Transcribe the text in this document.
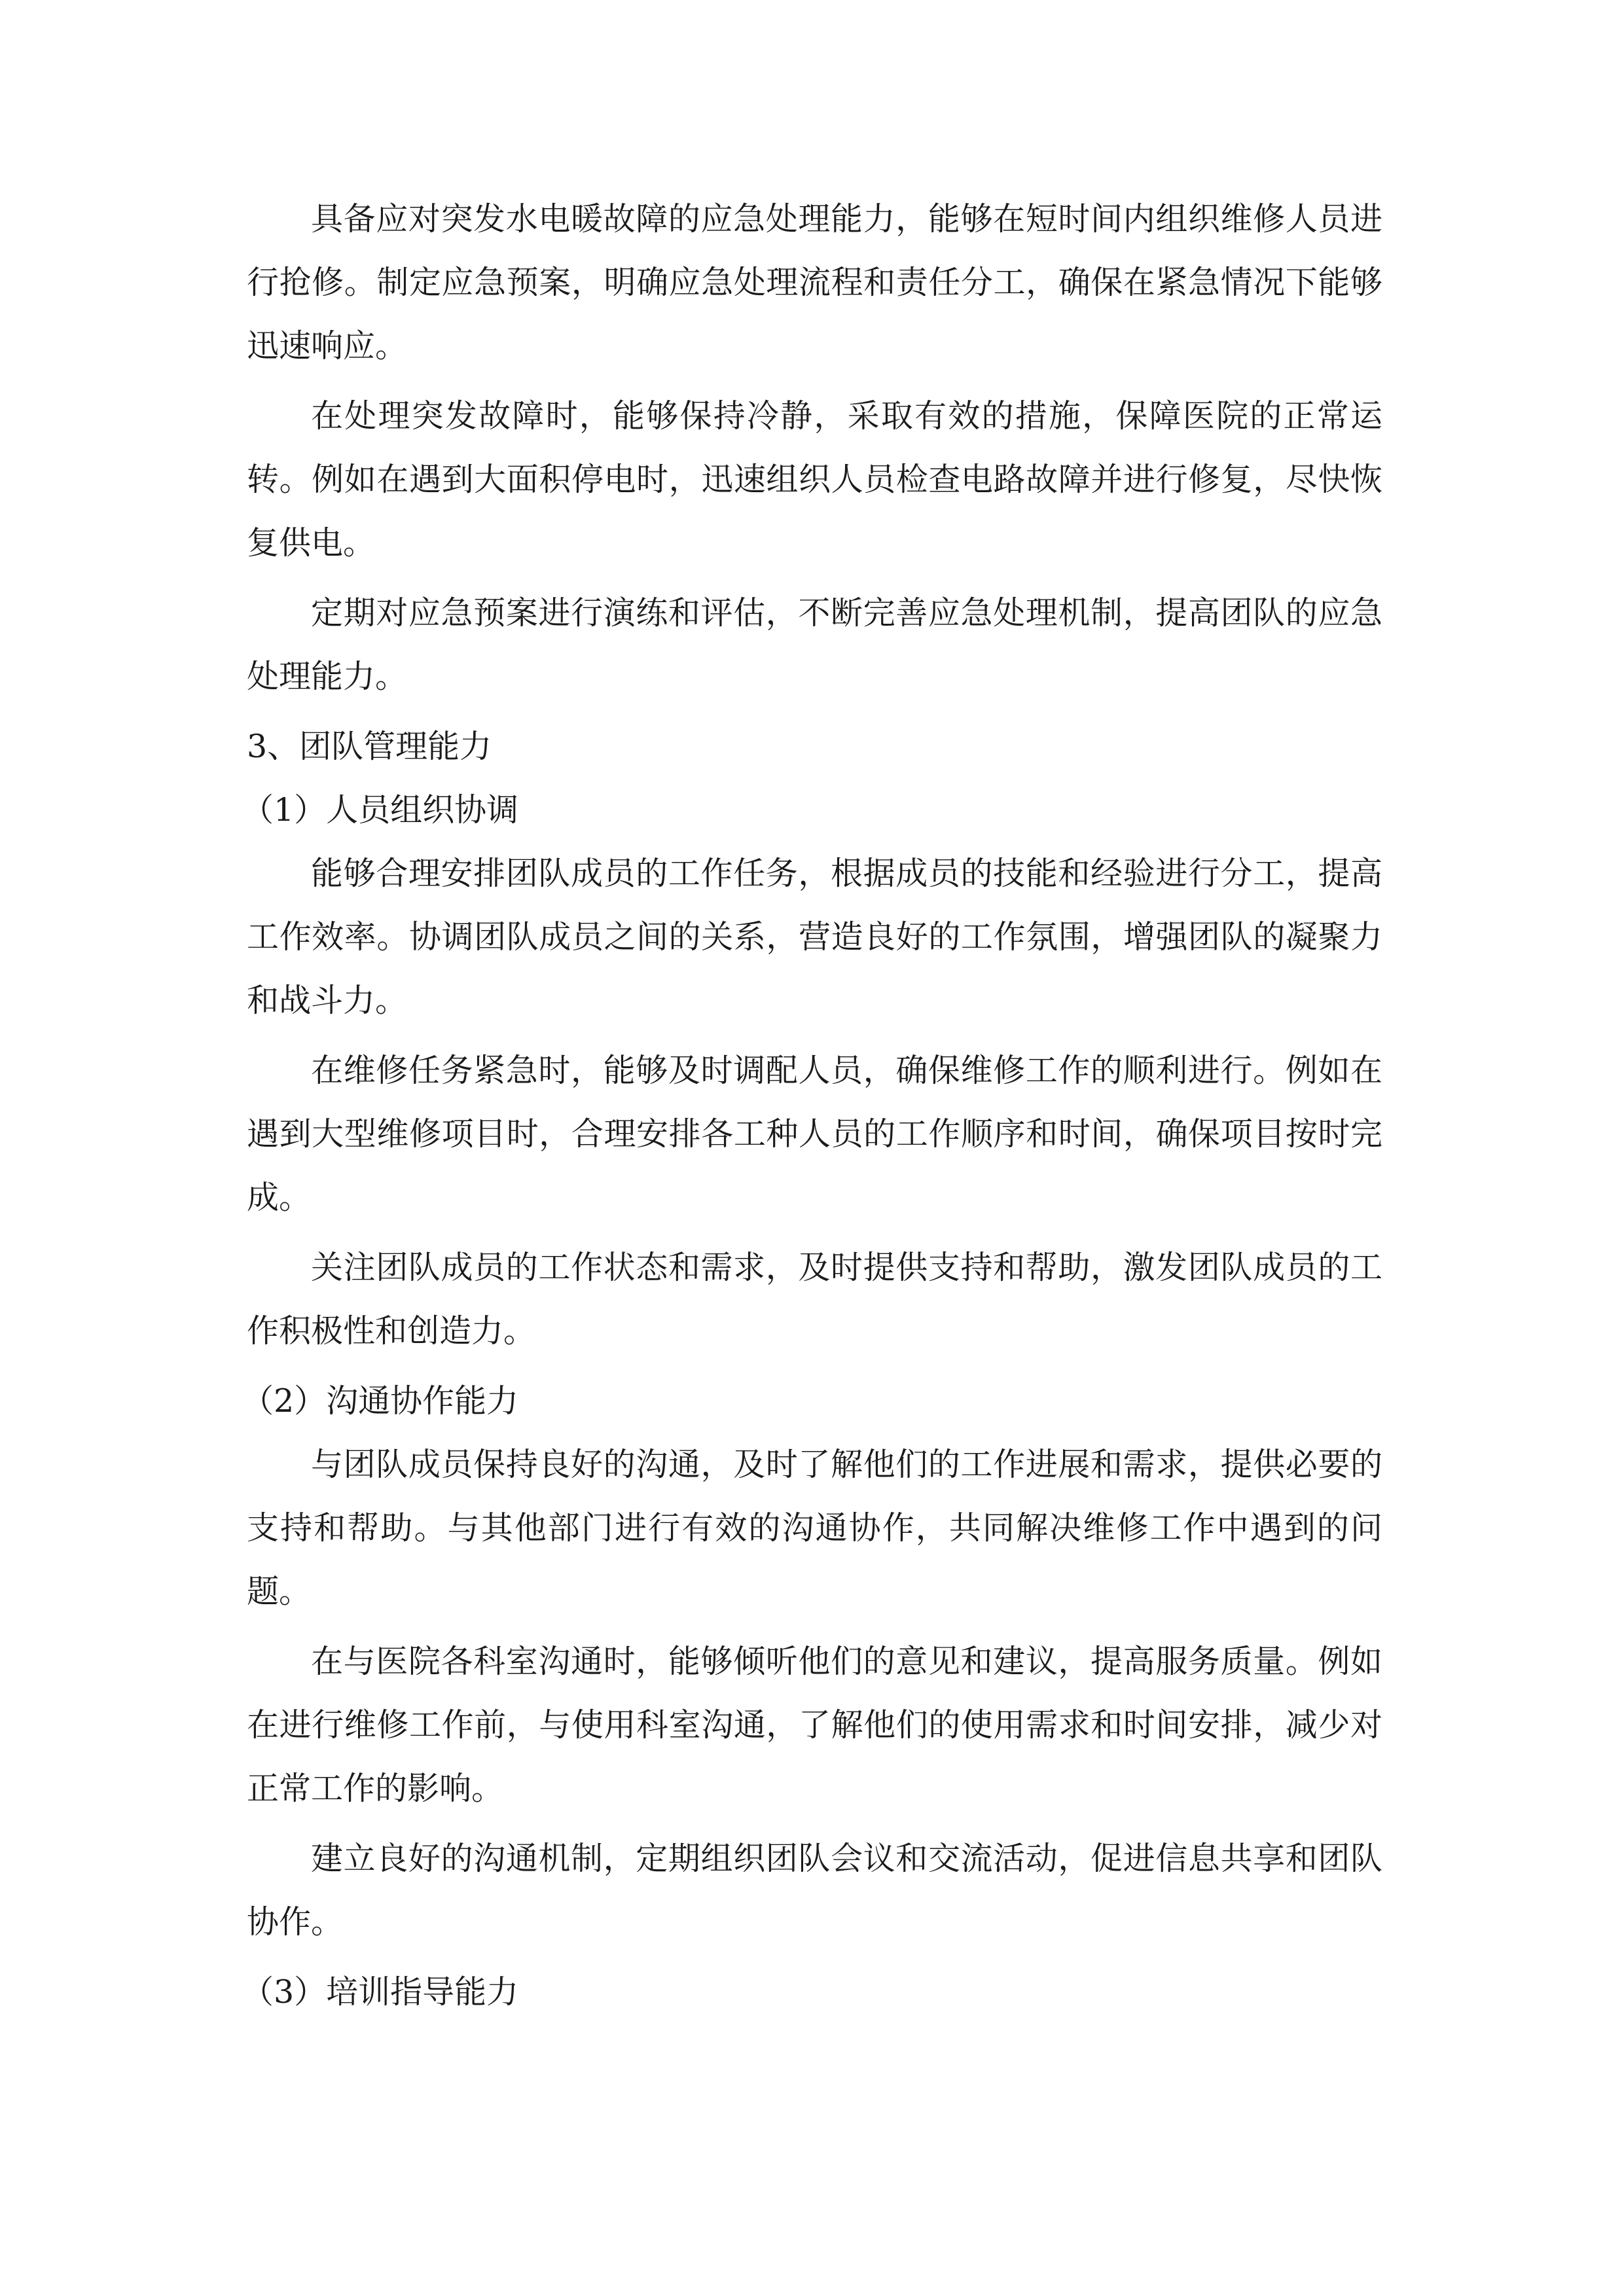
具备应对突发水电暖故障的应急处理能力，能够在短时间内组织维修人员进行抢修。制定应急预案，明确应急处理流程和责任分工，确保在紧急情况下能够迅速响应。

在处理突发故障时，能够保持冷静，采取有效的措施，保障医院的正常运转。例如在遇到大面积停电时，迅速组织人员检查电路故障并进行修复，尽快恢复供电。

定期对应急预案进行演练和评估，不断完善应急处理机制，提高团队的应急处理能力。

3、团队管理能力

（1）人员组织协调

能够合理安排团队成员的工作任务，根据成员的技能和经验进行分工，提高工作效率。协调团队成员之间的关系，营造良好的工作氛围，增强团队的凝聚力和战斗力。

在维修任务紧急时，能够及时调配人员，确保维修工作的顺利进行。例如在遇到大型维修项目时，合理安排各工种人员的工作顺序和时间，确保项目按时完成。

关注团队成员的工作状态和需求，及时提供支持和帮助，激发团队成员的工作积极性和创造力。

（2）沟通协作能力

与团队成员保持良好的沟通，及时了解他们的工作进展和需求，提供必要的支持和帮助。与其他部门进行有效的沟通协作，共同解决维修工作中遇到的问题。

在与医院各科室沟通时，能够倾听他们的意见和建议，提高服务质量。例如在进行维修工作前，与使用科室沟通，了解他们的使用需求和时间安排，减少对正常工作的影响。

建立良好的沟通机制，定期组织团队会议和交流活动，促进信息共享和团队协作。

（3）培训指导能力
